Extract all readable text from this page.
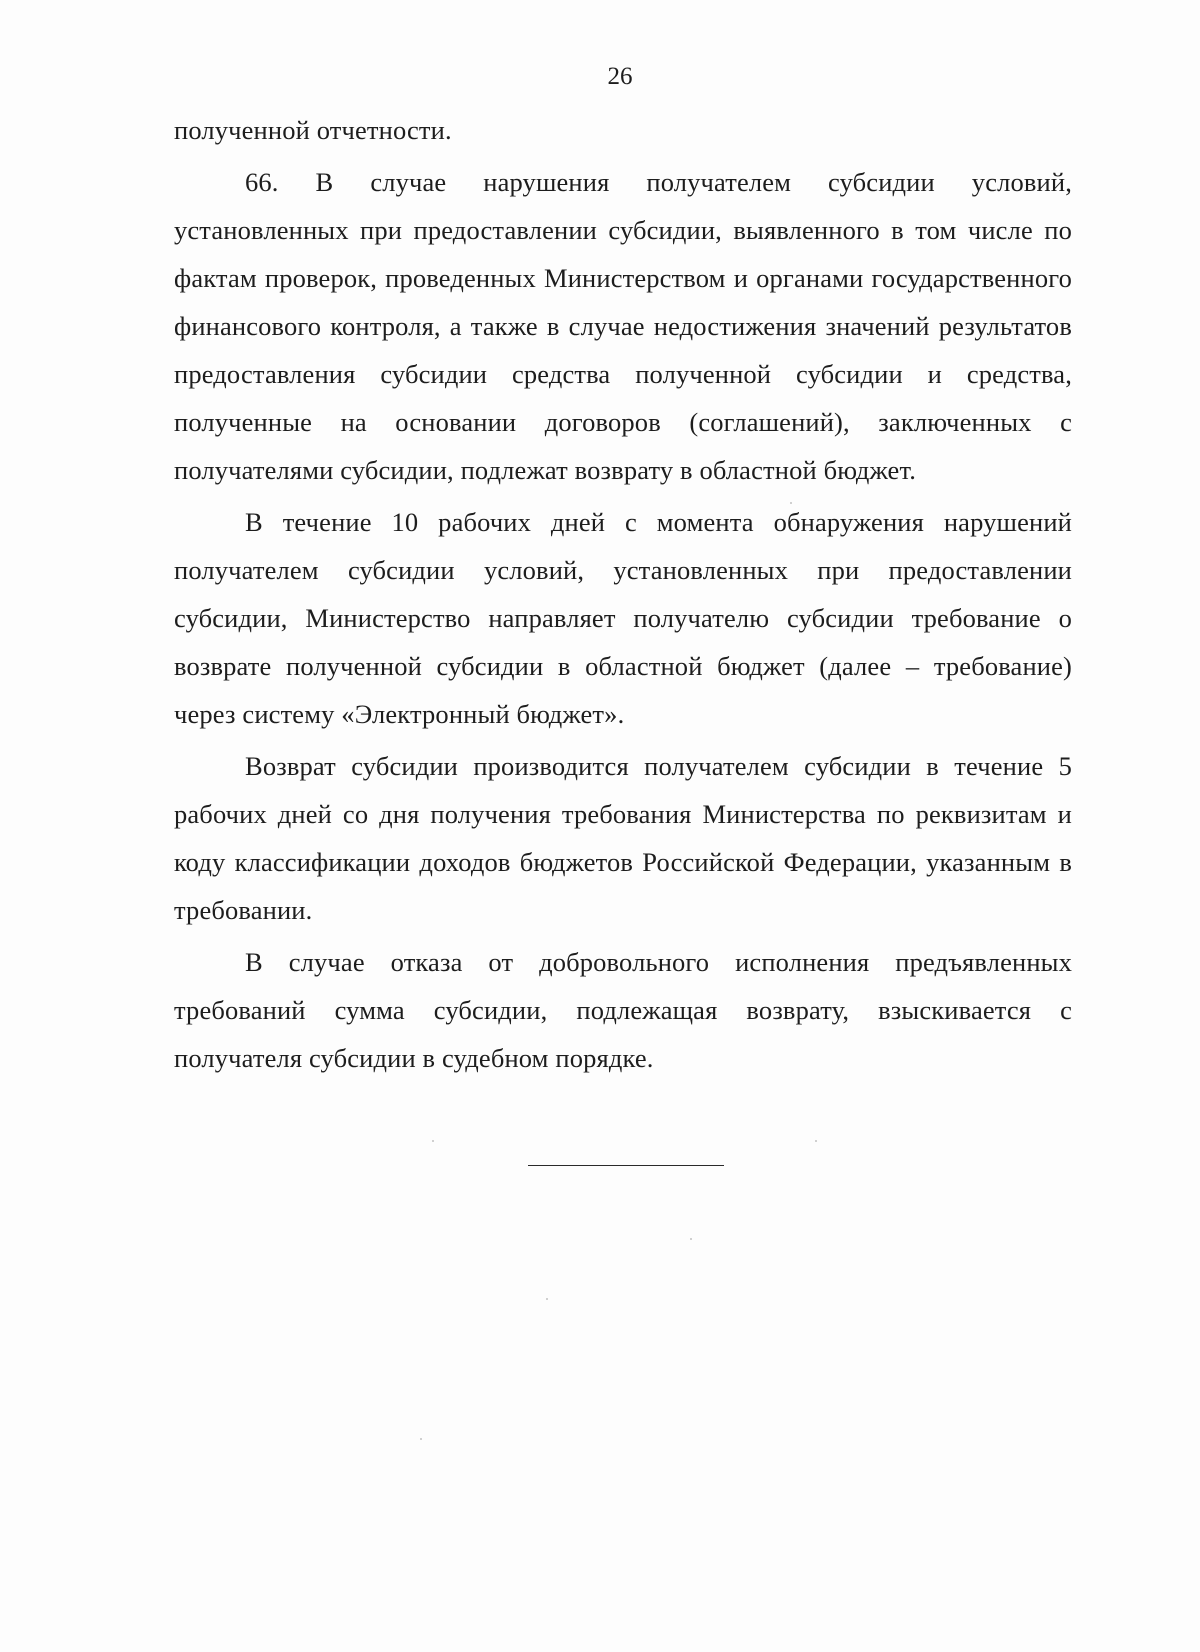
26

полученной отчетности.

66. В случае нарушения получателем субсидии условий, установленных при предоставлении субсидии, выявленного в том числе по фактам проверок, проведенных Министерством и органами государственного финансового контроля, а также в случае недостижения значений результатов предоставления субсидии средства полученной субсидии и средства, полученные на основании договоров (соглашений), заключенных с получателями субсидии, подлежат возврату в областной бюджет.

В течение 10 рабочих дней с момента обнаружения нарушений получателем субсидии условий, установленных при предоставлении субсидии, Министерство направляет получателю субсидии требование о возврате полученной субсидии в областной бюджет (далее – требование) через систему «Электронный бюджет».

Возврат субсидии производится получателем субсидии в течение 5 рабочих дней со дня получения требования Министерства по реквизитам и коду классификации доходов бюджетов Российской Федерации, указанным в требовании.

В случае отказа от добровольного исполнения предъявленных требований сумма субсидии, подлежащая возврату, взыскивается с получателя субсидии в судебном порядке.
